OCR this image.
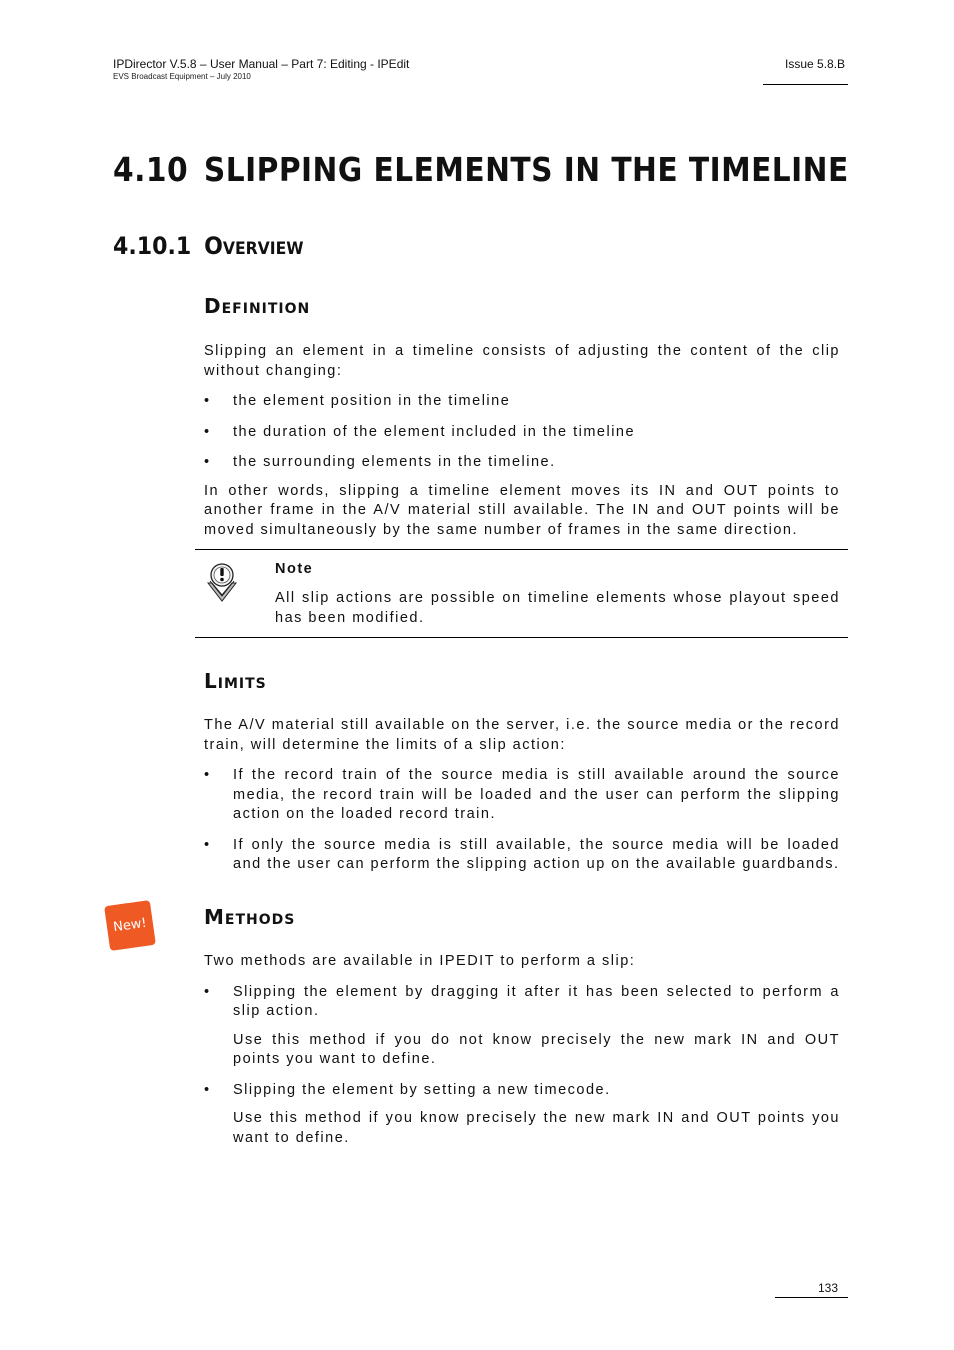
IPDirector V.5.8 – User Manual – Part 7: Editing - IPEdit
EVS Broadcast Equipment – July 2010
Issue 5.8.B
4.10 SLIPPING ELEMENTS IN THE TIMELINE
4.10.1 Overview
Definition

Slipping an element in a timeline consists of adjusting the content of the clip without changing:

•	the element position in the timeline
•	the duration of the element included in the timeline
•	the surrounding elements in the timeline.

In other words, slipping a timeline element moves its IN and OUT points to another frame in the A/V material still available. The IN and OUT points will be moved simultaneously by the same number of frames in the same direction.

Note

All slip actions are possible on timeline elements whose playout speed has been modified.

Limits

The A/V material still available on the server, i.e. the source media or the record train, will determine the limits of a slip action:

•	If the record train of the source media is still available around the source media, the record train will be loaded and the user can perform the slipping action on the loaded record train.
•	If only the source media is still available, the source media will be loaded and the user can perform the slipping action up on the available guardbands.
New!	Methods

Two methods are available in IPEDIT to perform a slip:

•	Slipping the element by dragging it after it has been selected to perform a slip action.

Use this method if you do not know precisely the new mark IN and OUT points you want to define.

•	Slipping the element by setting a new timecode.

Use this method if you know precisely the new mark IN and OUT points you want to define.

133
